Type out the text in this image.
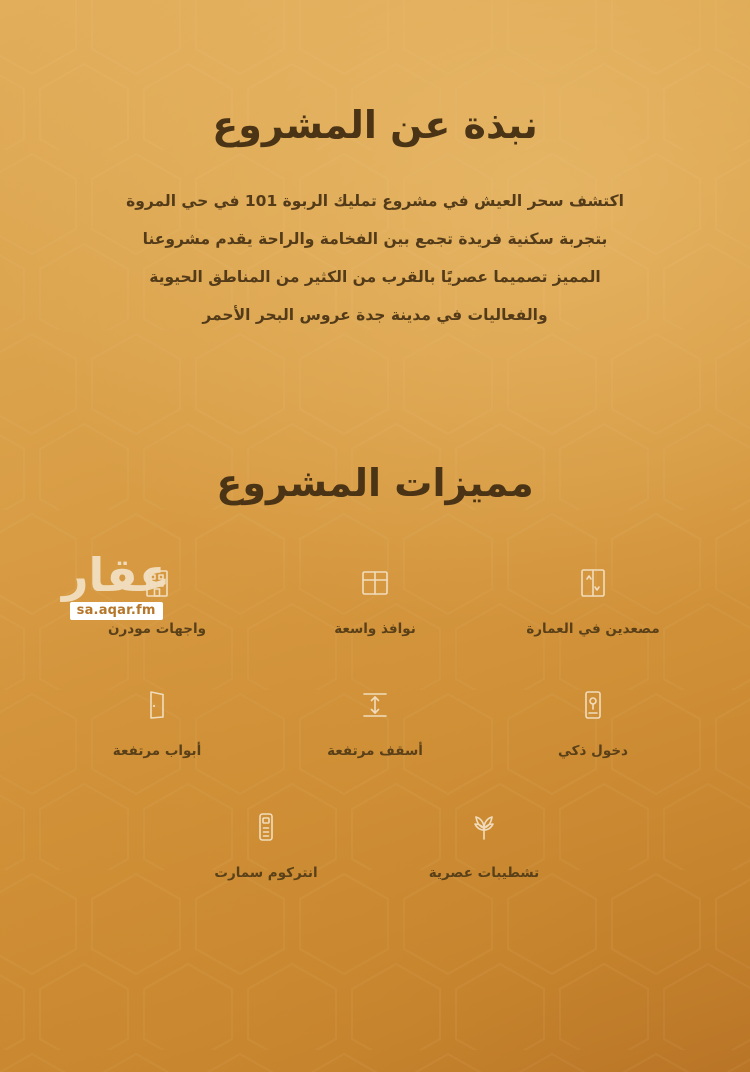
نبذة عن المشروع
اكتشف سحر العيش في مشروع تمليك الربوة 101 في حي المروة
بتجربة سكنية فريدة تجمع بين الفخامة والراحة يقدم مشروعنا
المميز تصميما عصريًا بالقرب من الكثير من المناطق الحيوية
والفعاليات في مدينة جدة عروس البحر الأحمر
مميزات المشروع
مصعدين في العمارة
نوافذ واسعة
واجهات مودرن
دخول ذكي
أسقف مرتفعة
أبواب مرتفعة
تشطيبات عصرية
انتركوم سمارت
عقار
sa.aqar.fm
